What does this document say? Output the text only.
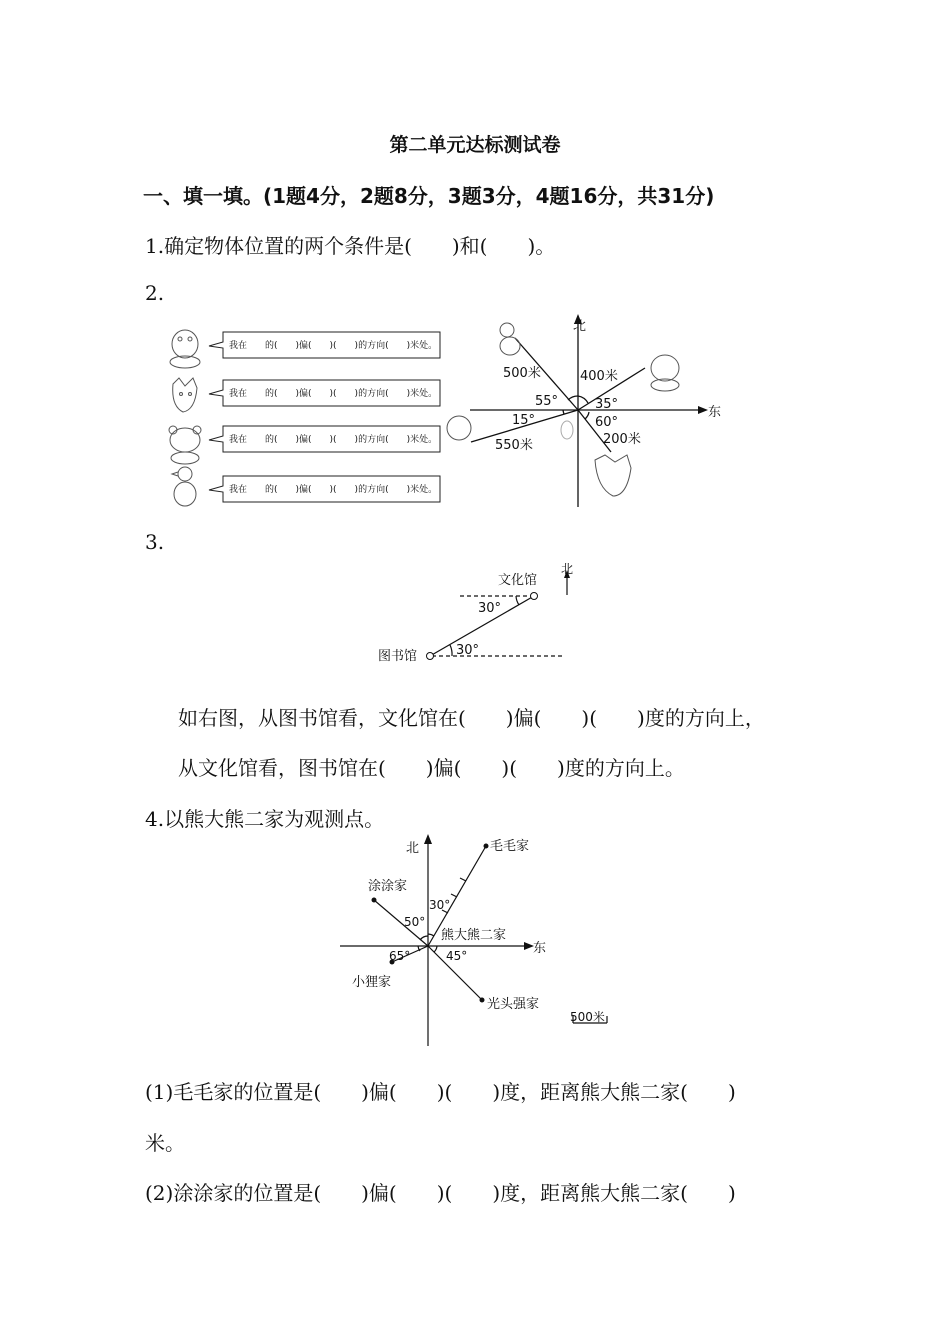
第二单元达标测试卷
一、填一填。(1题4分，2题8分，3题3分，4题16分，共31分)
1.确定物体位置的两个条件是(　　)和(　　)。
2.
我在　　的(　　)偏(　　)(　　)的方向(　　)米处。
我在　　的(　　)偏(　　)(　　)的方向(　　)米处。
我在　　的(　　)偏(　　)(　　)的方向(　　)米处。
我在　　的(　　)偏(　　)(　　)的方向(　　)米处。
北
东
500米	400米
550米	200米
55°	35°
15°	60°
3.
文化馆
图书馆
北
30°
30°
如右图，从图书馆看，文化馆在(　　)偏(　　)(　　)度的方向上，
从文化馆看，图书馆在(　　)偏(　　)(　　)度的方向上。
4.以熊大熊二家为观测点。
北
东
毛毛家
涂涂家
熊大熊二家
小狸家
光头强家
30°
50°
65°	45°
500米
(1)毛毛家的位置是(　　)偏(　　)(　　)度，距离熊大熊二家(　　)
米。
(2)涂涂家的位置是(　　)偏(　　)(　　)度，距离熊大熊二家(　　)
